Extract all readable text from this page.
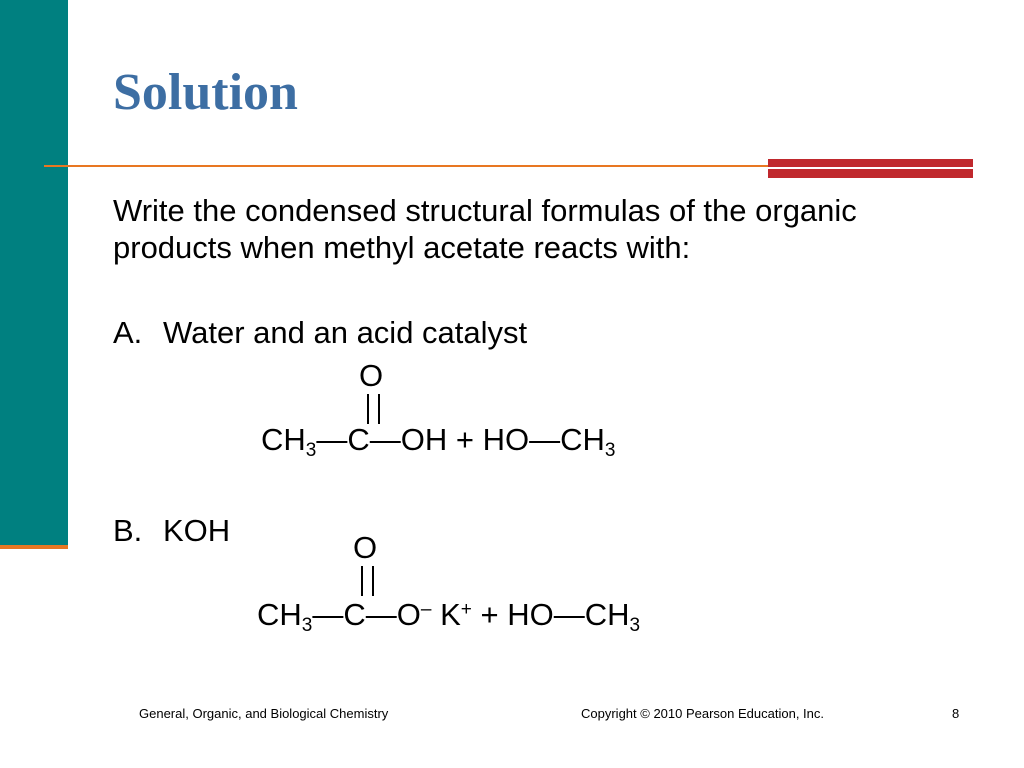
Solution

Write the condensed structural formulas of the organic products when methyl acetate reacts with:

A. Water and an acid catalyst
O
$CH_3—C—OH$ + $HO—CH_3$
B. KOH	O
$CH_3—C—O^-$ $K^+ + HO—CH_3$
General, Organic, and Biological Chemistry	Copyright © 2010 Pearson Education, Inc.	8
